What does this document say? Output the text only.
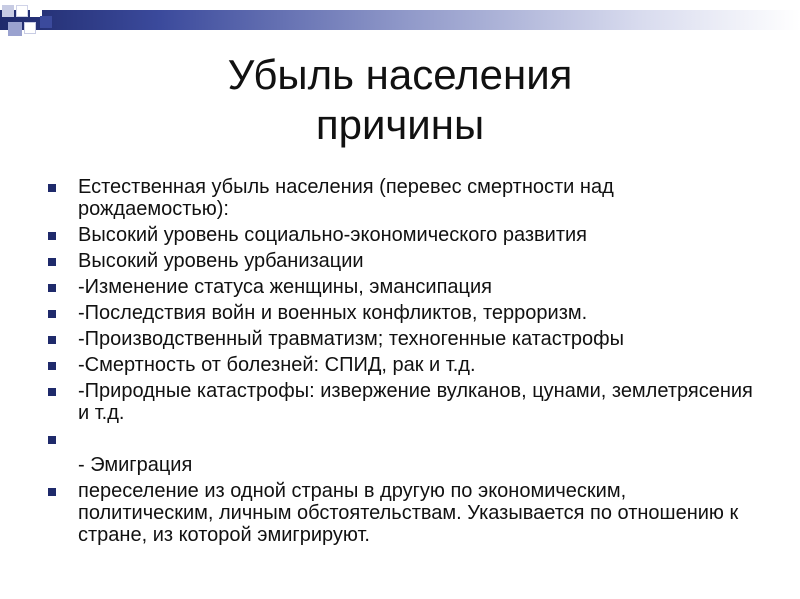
Убыль населения
причины
Естественная убыль населения (перевес смертности над рождаемостью):
Высокий уровень социально-экономического развития
Высокий уровень урбанизации
-Изменение статуса женщины, эмансипация
-Последствия войн и военных конфликтов, терроризм.
-Производственный травматизм; техногенные катастрофы
-Смертность от болезней: СПИД, рак и т.д.
-Природные катастрофы: извержение вулканов, цунами, землетрясения и т.д.
- Эмиграция
переселение из одной страны в другую по экономическим, политическим, личным обстоятельствам. Указывается по отношению к стране, из которой эмигрируют.
